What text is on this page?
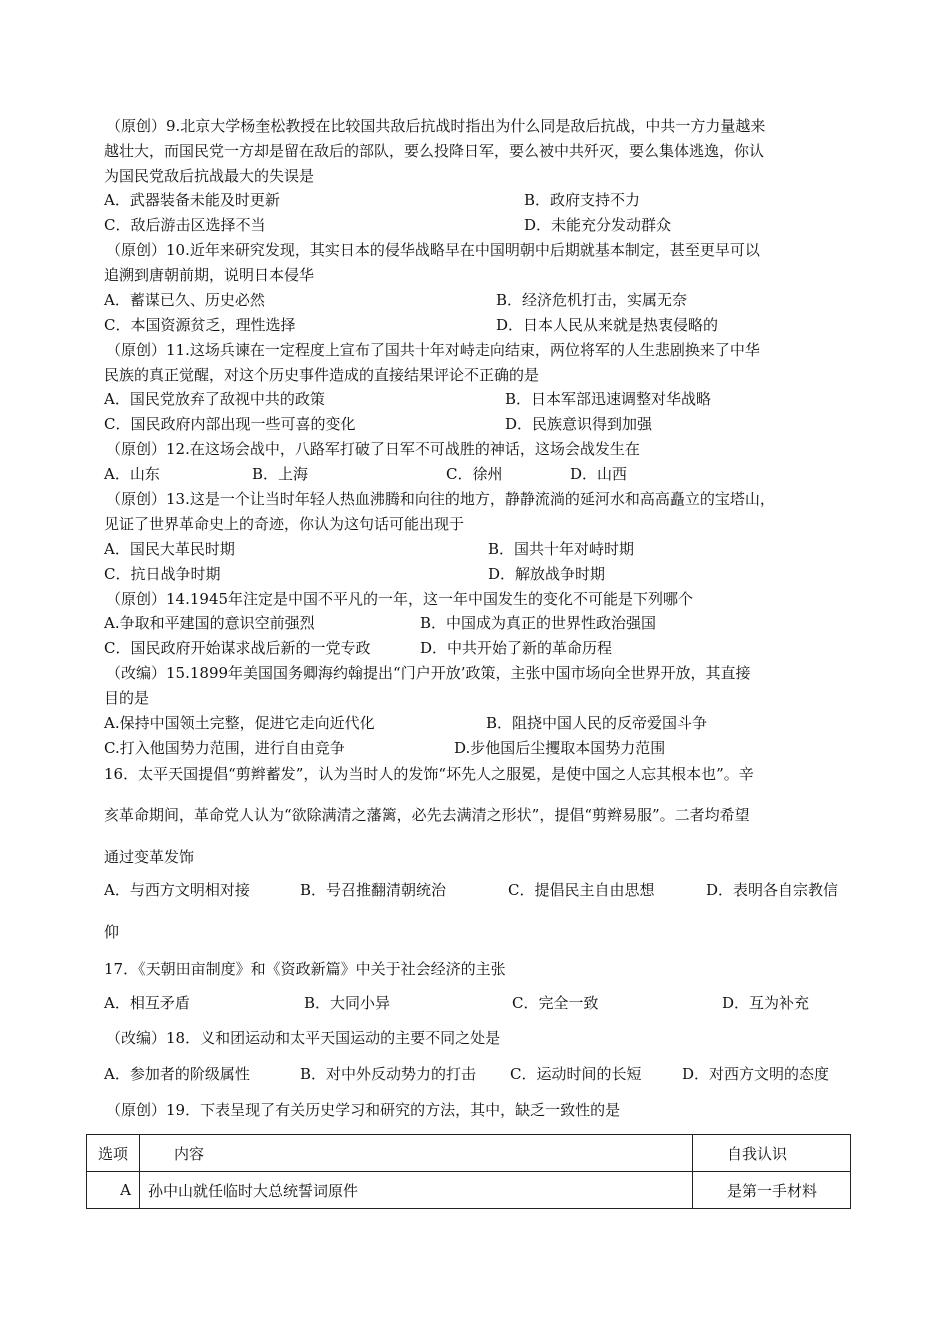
（原创）9.北京大学杨奎松教授在比较国共敌后抗战时指出为什么同是敌后抗战，中共一方力量越来
越壮大，而国民党一方却是留在敌后的部队，要么投降日军，要么被中共歼灭，要么集体逃逸，你认
为国民党敌后抗战最大的失误是
A．武器装备未能及时更新	B．政府支持不力
C．敌后游击区选择不当	D．未能充分发动群众
（原创）10.近年来研究发现，其实日本的侵华战略早在中国明朝中后期就基本制定，甚至更早可以
追溯到唐朝前期，说明日本侵华
A．蓄谋已久、历史必然	B．经济危机打击，实属无奈
C．本国资源贫乏，理性选择	D．日本人民从来就是热衷侵略的
（原创）11.这场兵谏在一定程度上宣布了国共十年对峙走向结束，两位将军的人生悲剧换来了中华
民族的真正觉醒，对这个历史事件造成的直接结果评论不正确的是
A．国民党放弃了敌视中共的政策	B．日本军部迅速调整对华战略
C．国民政府内部出现一些可喜的变化	D．民族意识得到加强
（原创）12.在这场会战中，八路军打破了日军不可战胜的神话，这场会战发生在
A．山东	B．上海	C．徐州	D．山西
（原创）13.这是一个让当时年轻人热血沸腾和向往的地方，静静流淌的延河水和高高矗立的宝塔山，
见证了世界革命史上的奇迹，你认为这句话可能出现于
A．国民大革民时期	B．国共十年对峙时期
C．抗日战争时期	D．解放战争时期
（原创）14.1945年注定是中国不平凡的一年，这一年中国发生的变化不可能是下列哪个
A.争取和平建国的意识空前强烈	B．中国成为真正的世界性政治强国
C．国民政府开始谋求战后新的一党专政	D．中共开始了新的革命历程
（改编）15.1899年美国国务卿海约翰提出“门户开放’政策，主张中国市场向全世界开放，其直接
目的是
A.保持中国领土完整，促进它走向近代化	B．阻挠中国人民的反帝爱国斗争
C.打入他国势力范围，进行自由竞争	D.步他国后尘攫取本国势力范围
16．太平天国提倡“剪辫蓄发”，认为当时人的发饰“坏先人之服冕，是使中国之人忘其根本也”。辛
亥革命期间，革命党人认为“欲除满清之藩篱，必先去满清之形状”，提倡“剪辫易服”。二者均希望
通过变革发饰
A．与西方文明相对接	B．号召推翻清朝统治	C．提倡民主自由思想	D．表明各自宗教信
仰
17．《天朝田亩制度》和《资政新篇》中关于社会经济的主张
A．相互矛盾	B．大同小异	C．完全一致	D．互为补充
（改编）18．义和团运动和太平天国运动的主要不同之处是
A．参加者的阶级属性	B．对中外反动势力的打击 C．运动时间的长短	D．对西方文明的态度
（原创）19．下表呈现了有关历史学习和研究的方法，其中，缺乏一致性的是
选项	内容	自我认识
A	孙中山就任临时大总统誓词原件	是第一手材料
